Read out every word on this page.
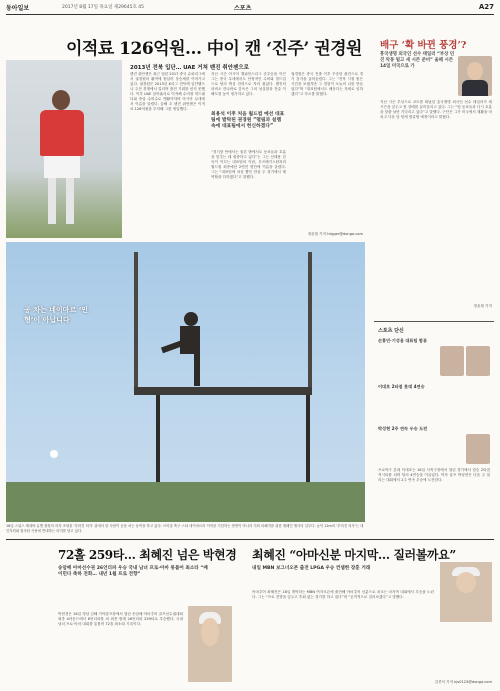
동아일보	2017년 8월 17일 목요일 제29645호 45	스포츠	A27
이적료 126억원… 中이 캔 ‘진주’ 권경원
2013년 전북 입단… UAE 거쳐 톈진 취안젠으로
톈진 취안젠은 최근 열린 2017 중국 슈퍼리그에서 권경원의 활약에 힘입어 상승세를 이어가고 있다. 권경원은 2013년 K리그 전북에 입단했으나 주전 경쟁에서 밀리며 출전 기회를 얻지 못했다. 이후 UAE 알아흘리로 이적해 수비형 미드필더와 중앙 수비수로 맹활약하며 아시아 무대에서 이름을 알렸다. 올해 초 톈진 취안젠은 이적료 126억원을 투자해 그를 영입했다.
지난 시즌 아시아 챔피언스리그 준우승을 이끈 그는 중국 무대에서도 안정적인 수비와 빌드업으로 팀의 핵심 전력으로 자리 잡았다. 톈진의 파비오 칸나바로 감독은 그의 성실함과 전술 이해도를 높이 평가하고 있다.
최용석 이후 처음 월드컵 예선 대표팀에 발탁된 권경원 “떨림과 설렘 속에 대표팀에서 헌신하겠다”
“경기장 안에서는 물론 밖에서도 동료들과 호흡을 맞추는 데 집중하고 있다”는 그는 신태용 감독이 이끄는 대표팀의 이란, 우즈베키스탄과의 월드컵 최종예선 2연전 명단에 이름을 올렸다. 그는 “대표팀에 처음 뽑힌 만큼 두 경기에서 제 역할을 다하겠다”고 말했다.
권경원은 중국 진출 이후 꾸준한 출전으로 경기 감각을 끌어올렸다. 그는 “전북 시절 힘든 시간을 보냈지만 그 경험이 오늘의 나를 만들었다”며 “대표팀에서도 배운다는 자세로 임하겠다”고 각오를 밝혔다.
정윤철 기자 trigger@donga.com
공 차는 네이마르 ‘인형’이 아닙니다
16일 스위스 제네바 유엔 광장의 의자 조형물 ‘부러진 의자’ 위에서 한 사람이 공을 차는 동작을 하고 있다. 브라질 축구 스타 네이마르의 이적을 기념하는 장면이 아니라 지뢰 피해자를 위한 캠페인 행사의 일부다. 높이 12m의 ‘부러진 의자’는 대인지뢰와 집속탄 사용에 반대하는 의미를 담고 있다.
배구 ‘확 바뀐 풍경’?
흥국생명 외국인 선수 테일러 “부상 던진 악몽 털고 새 시즌 준비” 올해 시즌 14일 미국으로 가
지난 시즌 부상으로 코트를 떠났던 흥국생명 외국인 선수 테일러가 새 시즌을 앞두고 몸 상태를 끌어올리고 있다. 그는 “팀 동료들과 다시 호흡을 맞출 날만 기다리고 있다”고 말했다. 구단은 그가 미국에서 재활을 마치고 다음 달 팀에 합류할 예정이라고 밝혔다.
정윤철 기자
스포츠 단신
손흥민·기성용 대표팀 합류
이대호 2타점 롯데 4연승
박성현 2주 연속 우승 도전
프로야구 롯데 이대호는 16일 사직구장에서 열린 경기에서 결승 2타점 적시타를 치며 팀의 4연승을 이끌었다. 여자 골프 박성현은 다음 주 열리는 대회에서 2주 연속 우승에 도전한다.
72홀 259타… 최혜진 넘은 박현경
송암배 아마선수권 26언더파 우승 국내 남녀 프로·아마 통틀어 최소타 “베이민다 축하 전화… 내년 1월 프로 전향”
박현경은 16일 경남 김해 가야골프장에서 열린 송암배 아마추어 골프선수권대회 최종 4라운드에서 6언더파를 쳐 최종 합계 26언더파 259타로 우승했다. 국내 남녀 프로·아마 대회를 통틀어 72홀 최소타 기록이다.
최혜진 “아마신분 마지막… 질러볼까요”
내일 MBN 보그너오픈 출전 LPGA 우승 컨셉한 장훈 거래
아마추어 최혜진은 18일 개막하는 MBN 여자오픈에 출전해 아마추어 신분으로 치르는 마지막 대회에서 우승을 노린다. 그는 “프로 전향을 앞두고 후회 없는 경기를 하고 싶다”며 “공격적으로 질러보겠다”고 말했다.
김종석 기자 kjs0123@donga.com
